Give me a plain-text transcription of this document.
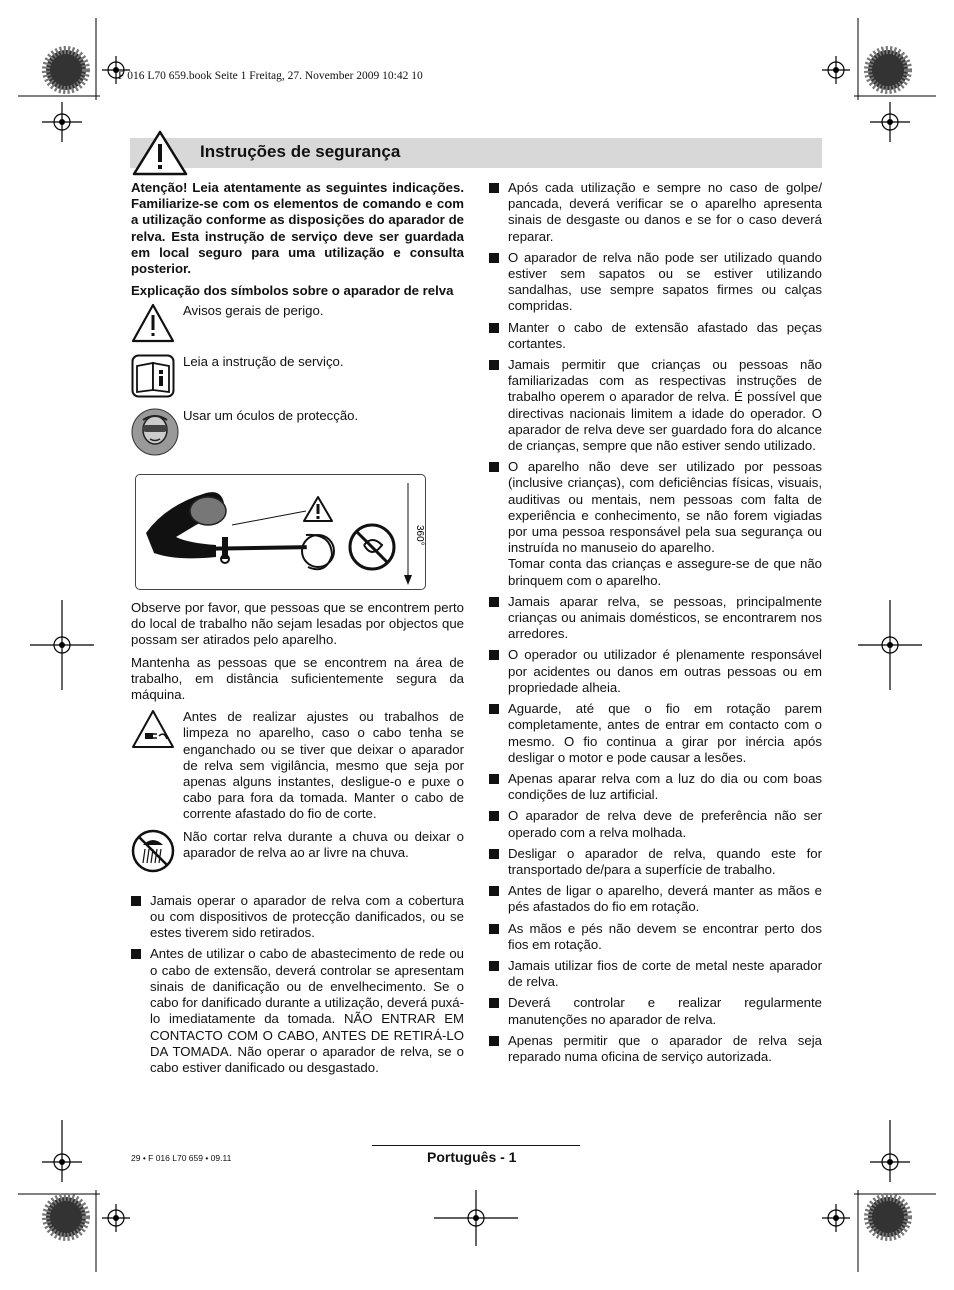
F 016 L70 659.book Seite 1 Freitag, 27. November 2009 10:42 10
Instruções de segurança

Atenção! Leia atentamente as seguintes indicações. Familiarize-se com os elementos de comando e com a utilização conforme as disposições do aparador de relva. Esta instrução de serviço deve ser guardada em local seguro para uma utilização e consulta posterior.

Explicação dos símbolos sobre o aparador de relva

Avisos gerais de perigo.
Leia a instrução de serviço.
Usar um óculos de protecção.
360°

Observe por favor, que pessoas que se encontrem perto do local de trabalho não sejam lesadas por objectos que possam ser atirados pelo aparelho.

Mantenha as pessoas que se encontrem na área de trabalho, em distância suficientemente segura da máquina.

Antes de realizar ajustes ou trabalhos de limpeza no aparelho, caso o cabo tenha se enganchado ou se tiver que deixar o aparador de relva sem vigilância, mesmo que seja por apenas alguns instantes, desligue-o e puxe o cabo para fora da tomada. Manter o cabo de corrente afastado do fio de corte.
Não cortar relva durante a chuva ou deixar o aparador de relva ao ar livre na chuva.
Jamais operar o aparador de relva com a cobertura ou com dispositivos de protecção danificados, ou se estes tiverem sido retirados.
Antes de utilizar o cabo de abastecimento de rede ou o cabo de extensão, deverá controlar se apresentam sinais de danificação ou de envelhecimento. Se o cabo for danificado durante a utilização, deverá puxá-lo imediatamente da tomada. NÃO ENTRAR EM CONTACTO COM O CABO, ANTES DE RETIRÁ-LO DA TOMADA. Não operar o aparador de relva, se o cabo estiver danificado ou desgastado.
Após cada utilização e sempre no caso de golpe/ pancada, deverá verificar se o aparelho apresenta sinais de desgaste ou danos e se for o caso deverá reparar.
O aparador de relva não pode ser utilizado quando estiver sem sapatos ou se estiver utilizando sandalhas, use sempre sapatos firmes ou calças compridas.
Manter o cabo de extensão afastado das peças cortantes.
Jamais permitir que crianças ou pessoas não familiarizadas com as respectivas instruções de trabalho operem o aparador de relva. É possível que directivas nacionais limitem a idade do operador. O aparador de relva deve ser guardado fora do alcance de crianças, sempre que não estiver sendo utilizado.
O aparelho não deve ser utilizado por pessoas (inclusive crianças), com deficiências físicas, visuais, auditivas ou mentais, nem pessoas com falta de experiência e conhecimento, se não forem vigiadas por uma pessoa responsável pela sua segurança ou instruída no manuseio do aparelho.
Tomar conta das crianças e assegure-se de que não brinquem com o aparelho.
Jamais aparar relva, se pessoas, principalmente crianças ou animais domésticos, se encontrarem nos arredores.
O operador ou utilizador é plenamente responsável por acidentes ou danos em outras pessoas ou em propriedade alheia.
Aguarde, até que o fio em rotação parem completamente, antes de entrar em contacto com o mesmo. O fio continua a girar por inércia após desligar o motor e pode causar a lesões.
Apenas aparar relva com a luz do dia ou com boas condições de luz artificial.
O aparador de relva deve de preferência não ser operado com a relva molhada.
Desligar o aparador de relva, quando este for transportado de/para a superfície de trabalho.
Antes de ligar o aparelho, deverá manter as mãos e pés afastados do fio em rotação.
As mãos e pés não devem se encontrar perto dos fios em rotação.
Jamais utilizar fios de corte de metal neste aparador de relva.
Deverá controlar e realizar regularmente manutenções no aparador de relva.
Apenas permitir que o aparador de relva seja reparado numa oficina de serviço autorizada.
29 • F 016 L70 659 • 09.11	Português - 1
